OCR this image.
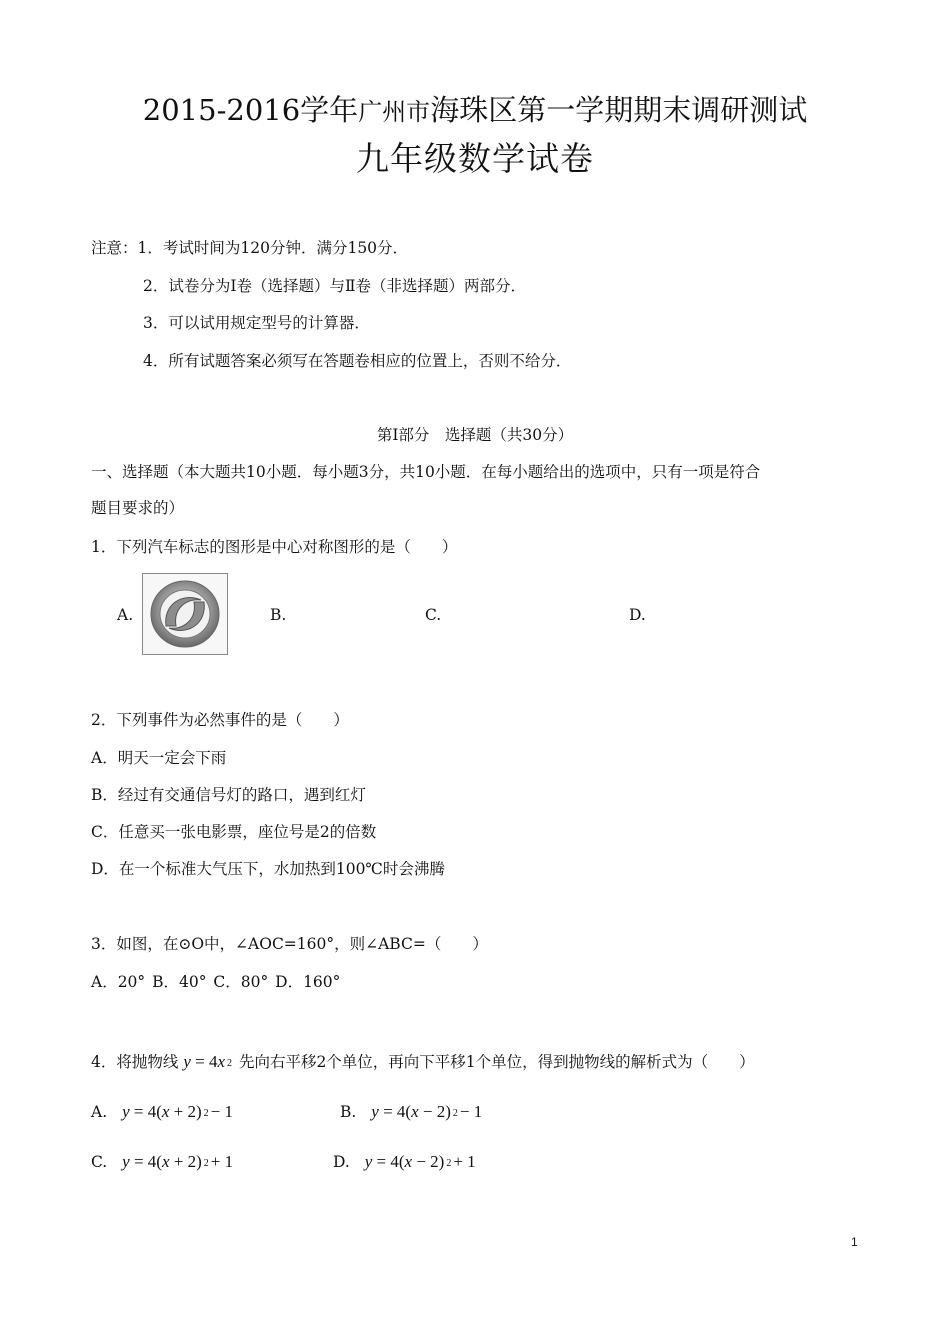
2015-2016学年广州市海珠区第一学期期末调研测试
九年级数学试卷
注意：1．考试时间为120分钟．满分150分．
2．试卷分为Ⅰ卷（选择题）与Ⅱ卷（非选择题）两部分．
3．可以试用规定型号的计算器．
4．所有试题答案必须写在答题卷相应的位置上，否则不给分．
第Ⅰ部分　选择题（共30分）
一、选择题（本大题共10小题．每小题3分，共10小题．在每小题给出的选项中，只有一项是符合
题目要求的）
1．下列汽车标志的图形是中心对称图形的是（　　）
A.	B.	C.	D.
2．下列事件为必然事件的是（　　）
A．明天一定会下雨
B．经过有交通信号灯的路口，遇到红灯
C．任意买一张电影票，座位号是2的倍数
D．在一个标准大气压下，水加热到100℃时会沸腾
3．如图，在⊙O中，∠AOC=160°，则∠ABC=（　　）
A．20° B．40° C．80° D．160°
4．将抛物线 y = 4x 2 先向右平移2个单位，再向下平移1个单位，得到抛物线的解析式为（　　）
A. y = 4(x + 2) 2 − 1	B. y = 4(x − 2) 2 − 1
C. y = 4(x + 2) 2 + 1	D. y = 4(x − 2) 2 + 1
1
